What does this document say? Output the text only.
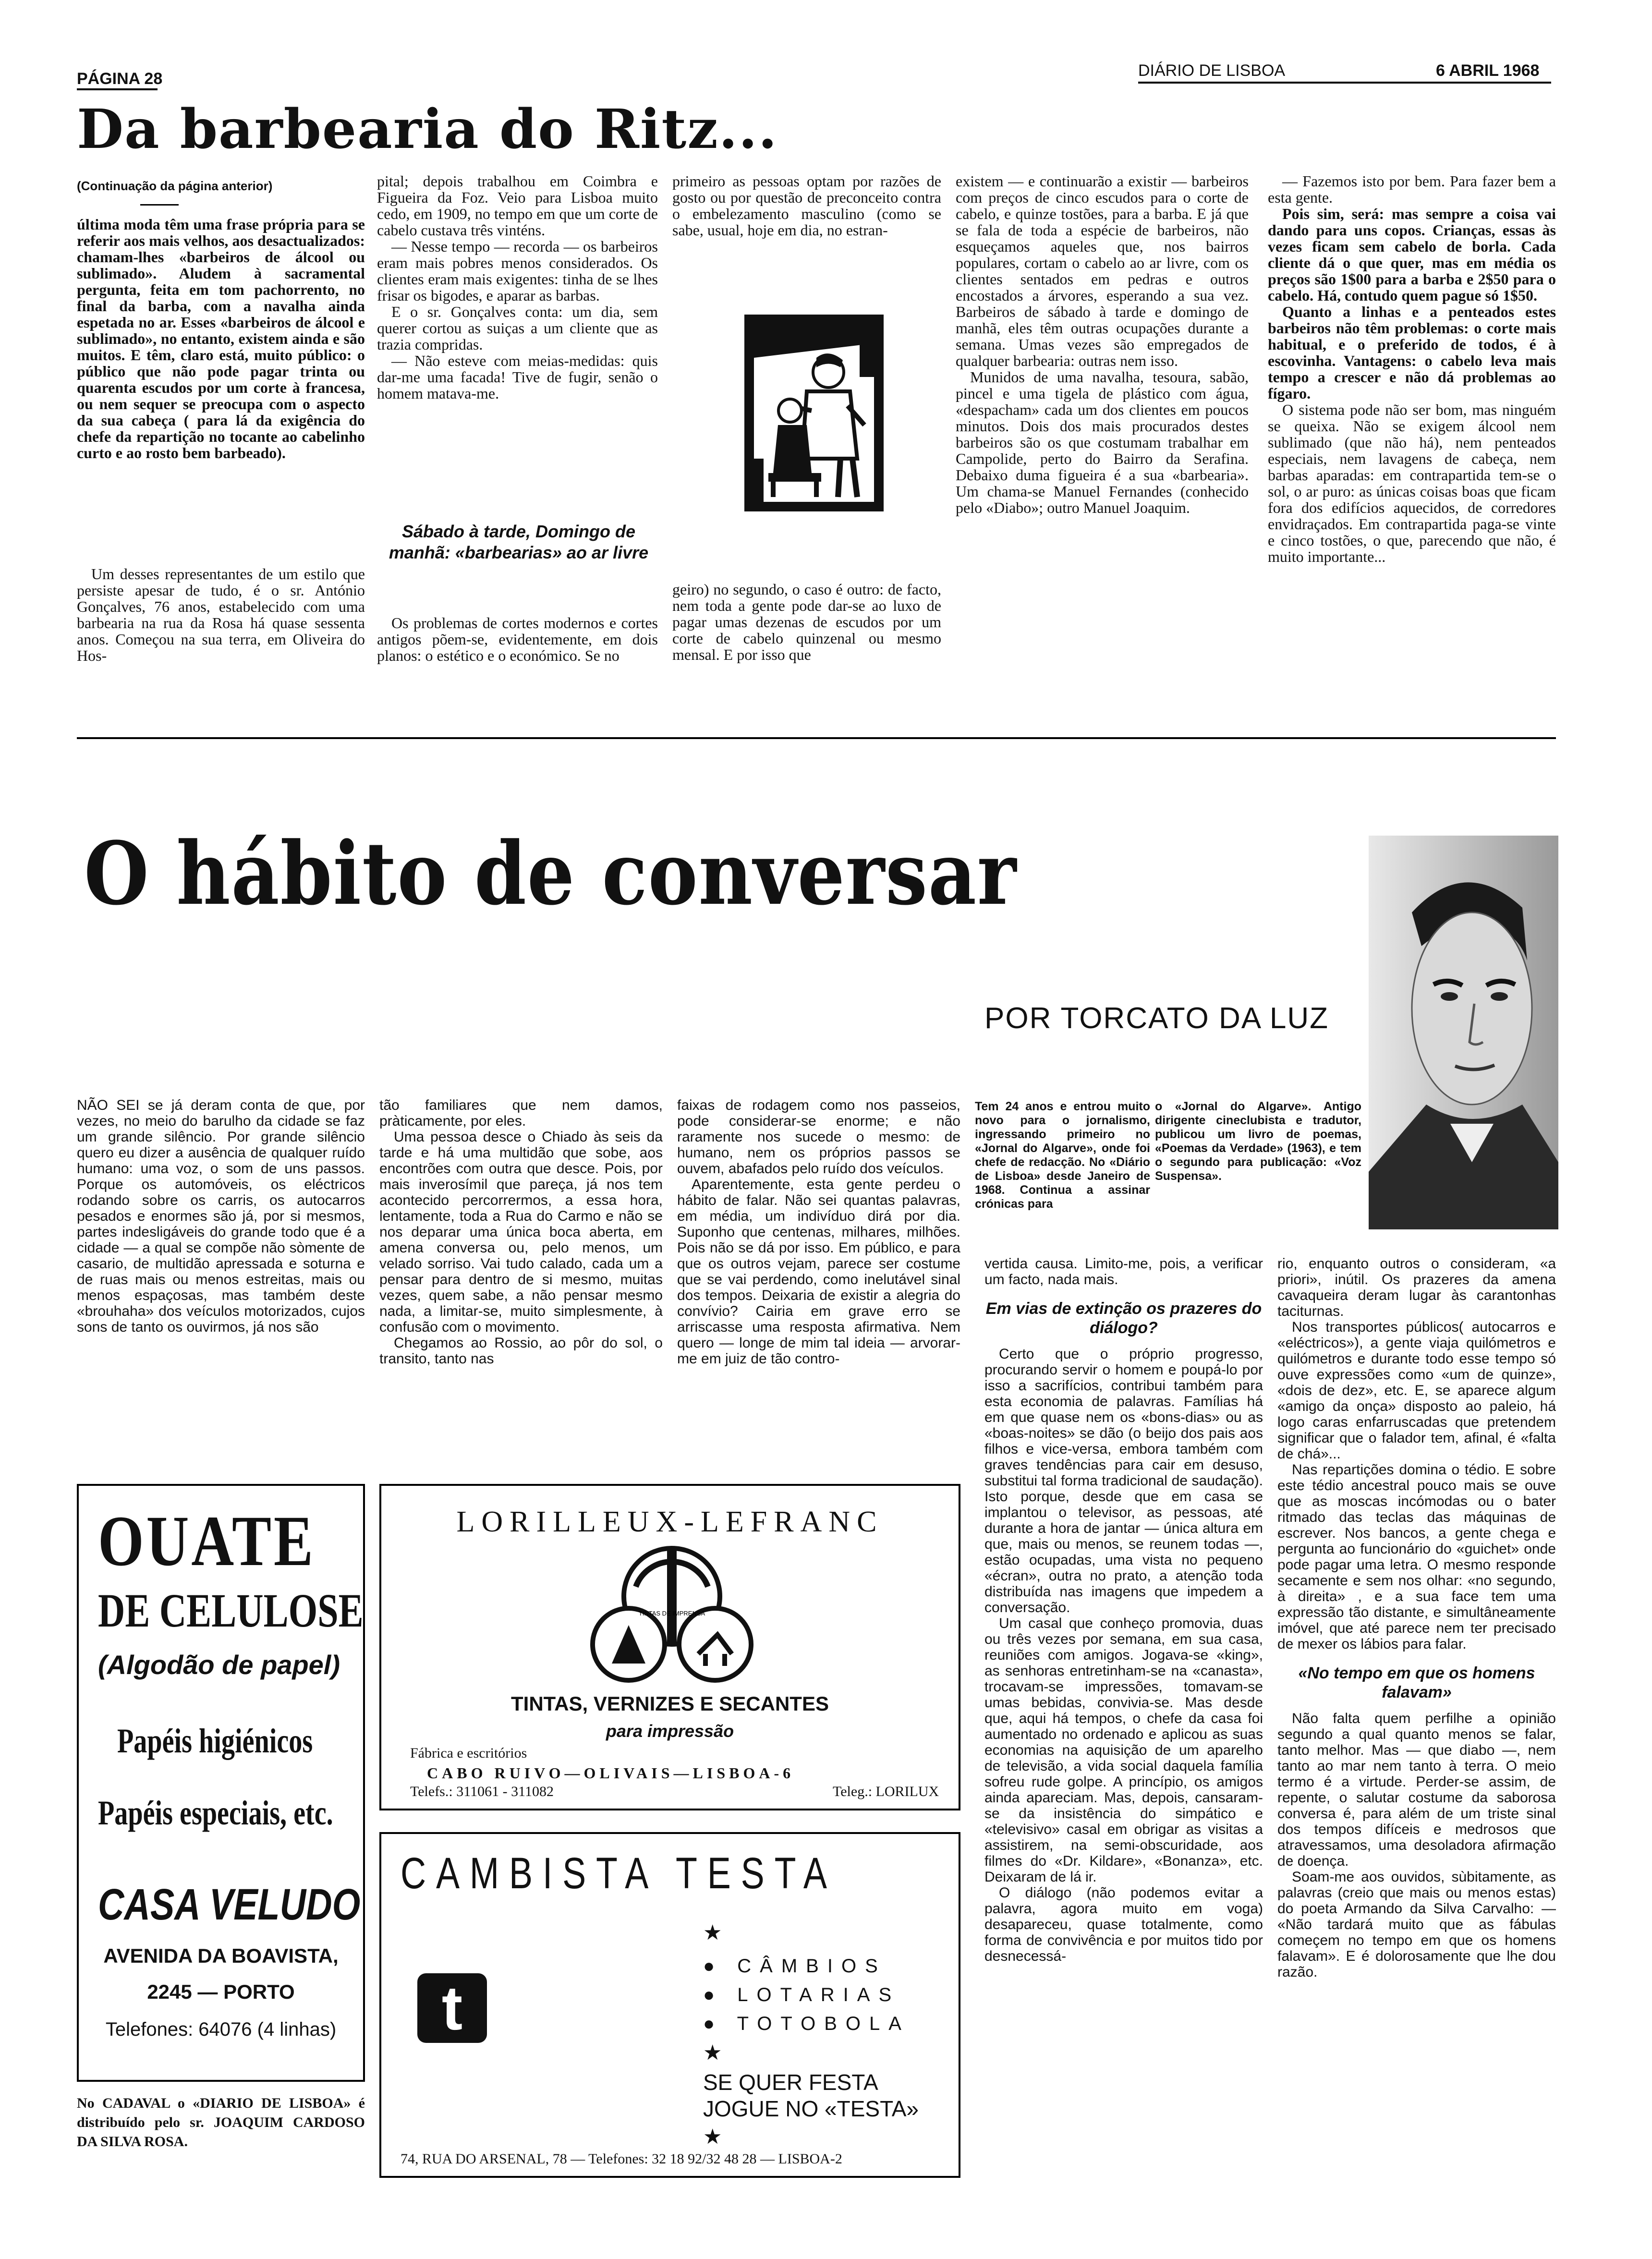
PÁGINA 28	DIÁRIO DE LISBOA	6 ABRIL 1968
Da barbearia do Ritz...
(Continuação da página anterior)

última moda têm uma frase própria para se referir aos mais velhos, aos desactualizados: chamam-lhes «barbeiros de álcool ou sublimado». Aludem à sacramental pergunta, feita em tom pachorrento, no final da barba, com a navalha ainda espetada no ar. Esses «barbeiros de álcool e sublimado», no entanto, existem ainda e são muitos. E têm, claro está, muito público: o público que não pode pagar trinta ou quarenta escudos por um corte à francesa, ou nem sequer se preocupa com o aspecto da sua cabeça ( para lá da exigência do chefe da repartição no tocante ao cabelinho curto e ao rosto bem barbeado).

Um desses representantes de um estilo que persiste apesar de tudo, é o sr. António Gonçalves, 76 anos, estabelecido com uma barbearia na rua da Rosa há quase sessenta anos. Começou na sua terra, em Oliveira do Hos-

pital; depois trabalhou em Coimbra e Figueira da Foz. Veio para Lisboa muito cedo, em 1909, no tempo em que um corte de cabelo custava três vinténs.

— Nesse tempo — recorda — os barbeiros eram mais pobres menos considerados. Os clientes eram mais exigentes: tinha de se lhes frisar os bigodes, e aparar as barbas.

E o sr. Gonçalves conta: um dia, sem querer cortou as suiças a um cliente que as trazia compridas.

— Não esteve com meias-medidas: quis dar-me uma facada! Tive de fugir, senão o homem matava-me.

Sábado à tarde, Domingo de manhã: «barbearias» ao ar livre

Os problemas de cortes modernos e cortes antigos põem-se, evidentemente, em dois planos: o estético e o económico. Se no

primeiro as pessoas optam por razões de gosto ou por questão de preconceito contra o embelezamento masculino (como se sabe, usual, hoje em dia, no estran-

geiro) no segundo, o caso é outro: de facto, nem toda a gente pode dar-se ao luxo de pagar umas dezenas de escudos por um corte de cabelo quinzenal ou mesmo mensal. E por isso que

existem — e continuarão a existir — barbeiros com preços de cinco escudos para o corte de cabelo, e quinze tostões, para a barba. E já que se fala de toda a espécie de barbeiros, não esqueçamos aqueles que, nos bairros populares, cortam o cabelo ao ar livre, com os clientes sentados em pedras e outros encostados a árvores, esperando a sua vez. Barbeiros de sábado à tarde e domingo de manhã, eles têm outras ocupações durante a semana. Umas vezes são empregados de qualquer barbearia: outras nem isso.

Munidos de uma navalha, tesoura, sabão, pincel e uma tigela de plástico com água, «despacham» cada um dos clientes em poucos minutos. Dois dos mais procurados destes barbeiros são os que costumam trabalhar em Campolide, perto do Bairro da Serafina. Debaixo duma figueira é a sua «barbearia». Um chama-se Manuel Fernandes (conhecido pelo «Diabo»; outro Manuel Joaquim.

— Fazemos isto por bem. Para fazer bem a esta gente.

Pois sim, será: mas sempre a coisa vai dando para uns copos. Crianças, essas às vezes ficam sem cabelo de borla. Cada cliente dá o que quer, mas em média os preços são 1$00 para a barba e 2$50 para o cabelo. Há, contudo quem pague só 1$50.

Quanto a linhas e a penteados estes barbeiros não têm problemas: o corte mais habitual, e o preferido de todos, é à escovinha. Vantagens: o cabelo leva mais tempo a crescer e não dá problemas ao fígaro.

O sistema pode não ser bom, mas ninguém se queixa. Não se exigem álcool nem sublimado (que não há), nem penteados especiais, nem lavagens de cabeça, nem barbas aparadas: em contrapartida tem-se o sol, o ar puro: as únicas coisas boas que ficam fora dos edifícios aquecidos, de corredores envidraçados. Em contrapartida paga-se vinte e cinco tostões, o que, parecendo que não, é muito importante...

O hábito de conversar
POR TORCATO DA LUZ

Tem 24 anos e entrou muito novo para o jornalismo, ingressando primeiro no «Jornal do Algarve», onde foi chefe de redacção. No «Diário de Lisboa» desde Janeiro de 1968. Continua a assinar crónicas para

o «Jornal do Algarve». Antigo dirigente cineclubista e tradutor, publicou um livro de poemas, «Poemas da Verdade» (1963), e tem o segundo para publicação: «Voz Suspensa».

NÃO SEI se já deram conta de que, por vezes, no meio do barulho da cidade se faz um grande silêncio. Por grande silêncio quero eu dizer a ausência de qualquer ruído humano: uma voz, o som de uns passos. Porque os automóveis, os eléctricos rodando sobre os carris, os autocarros pesados e enormes são já, por si mesmos, partes indesligáveis do grande todo que é a cidade — a qual se compõe não sòmente de casario, de multidão apressada e soturna e de ruas mais ou menos estreitas, mais ou menos espaçosas, mas também deste «brouhaha» dos veículos motorizados, cujos sons de tanto os ouvirmos, já nos são

tão familiares que nem damos, pràticamente, por eles.

Uma pessoa desce o Chiado às seis da tarde e há uma multidão que sobe, aos encontrões com outra que desce. Pois, por mais inverosímil que pareça, já nos tem acontecido percorrermos, a essa hora, lentamente, toda a Rua do Carmo e não se nos deparar uma única boca aberta, em amena conversa ou, pelo menos, um velado sorriso. Vai tudo calado, cada um a pensar para dentro de si mesmo, muitas vezes, quem sabe, a não pensar mesmo nada, a limitar-se, muito simplesmente, à confusão com o movimento.

Chegamos ao Rossio, ao pôr do sol, o transito, tanto nas

faixas de rodagem como nos passeios, pode considerar-se enorme; e não raramente nos sucede o mesmo: de humano, nem os próprios passos se ouvem, abafados pelo ruído dos veículos.

Aparentemente, esta gente perdeu o hábito de falar. Não sei quantas palavras, em média, um indivíduo dirá por dia. Suponho que centenas, milhares, milhões. Pois não se dá por isso. Em público, e para que os outros vejam, parece ser costume que se vai perdendo, como inelutável sinal dos tempos. Deixaria de existir a alegria do convívio? Cairia em grave erro se arriscasse uma resposta afirmativa. Nem quero — longe de mim tal ideia — arvorar-me em juiz de tão contro-

vertida causa. Limito-me, pois, a verificar um facto, nada mais.

Em vias de extinção os prazeres do diálogo?

Certo que o próprio progresso, procurando servir o homem e poupá-lo por isso a sacrifícios, contribui também para esta economia de palavras. Famílias há em que quase nem os «bons-dias» ou as «boas-noites» se dão (o beijo dos pais aos filhos e vice-versa, embora também com graves tendências para cair em desuso, substitui tal forma tradicional de saudação). Isto porque, desde que em casa se implantou o televisor, as pessoas, até durante a hora de jantar — única altura em que, mais ou menos, se reunem todas —, estão ocupadas, uma vista no pequeno «écran», outra no prato, a atenção toda distribuída nas imagens que impedem a conversação.

Um casal que conheço promovia, duas ou três vezes por semana, em sua casa, reuniões com amigos. Jogava-se «king», as senhoras entretinham-se na «canasta», trocavam-se impressões, tomavam-se umas bebidas, convivia-se. Mas desde que, aqui há tempos, o chefe da casa foi aumentado no ordenado e aplicou as suas economias na aquisição de um aparelho de televisão, a vida social daquela família sofreu rude golpe. A princípio, os amigos ainda apareciam. Mas, depois, cansaram-se da insistência do simpático e «televisivo» casal em obrigar as visitas a assistirem, na semi-obscuridade, aos filmes do «Dr. Kildare», «Bonanza», etc. Deixaram de lá ir.

O diálogo (não podemos evitar a palavra, agora muito em voga) desapareceu, quase totalmente, como forma de convivência e por muitos tido por desnecessá-

rio, enquanto outros o consideram, «a priori», inútil. Os prazeres da amena cavaqueira deram lugar às carantonhas taciturnas.

Nos transportes públicos( autocarros e «eléctricos»), a gente viaja quilómetros e quilómetros e durante todo esse tempo só ouve expressões como «um de quinze», «dois de dez», etc. E, se aparece algum «amigo da onça» disposto ao paleio, há logo caras enfarruscadas que pretendem significar que o falador tem, afinal, é «falta de chá»...

Nas repartições domina o tédio. E sobre este tédio ancestral pouco mais se ouve que as moscas incómodas ou o bater ritmado das teclas das máquinas de escrever. Nos bancos, a gente chega e pergunta ao funcionário do «guichet» onde pode pagar uma letra. O mesmo responde secamente e sem nos olhar: «no segundo, à direita» , e a sua face tem uma expressão tão distante, e simultâneamente imóvel, que até parece nem ter precisado de mexer os lábios para falar.

«No tempo em que os homens falavam»

Não falta quem perfilhe a opinião segundo a qual quanto menos se falar, tanto melhor. Mas — que diabo —, nem tanto ao mar nem tanto à terra. O meio termo é a virtude. Perder-se assim, de repente, o salutar costume da saborosa conversa é, para além de um triste sinal dos tempos difíceis e medrosos que atravessamos, uma desoladora afirmação de doença.

Soam-me aos ouvidos, sùbitamente, as palavras (creio que mais ou menos estas) do poeta Armando da Silva Carvalho: — «Não tardará muito que as fábulas começem no tempo em que os homens falavam». E é dolorosamente que lhe dou razão.

OUATE
DE CELULOSE
(Algodão de papel)
Papéis higiénicos
Papéis especiais, etc.
CASA VELUDO
AVENIDA DA BOAVISTA,
2245 — PORTO
Telefones: 64076 (4 linhas)

No CADAVAL o «DIARIO DE LISBOA» é distribuído pelo sr. JOAQUIM CARDOSO DA SILVA ROSA.

LORILLEUX-LEFRANC
TINTAS DE IMPRENSA
TINTAS, VERNIZES E SECANTES
para impressão
Fábrica e escritórios
CABO RUIVO—OLIVAIS—LISBOA-6
Telefs.: 311061 - 311082	Teleg.: LORILUX
CAMBISTA TESTA
t
★
● CÂMBIOS
● LOTARIAS
● TOTOBOLA
★
SE QUER FESTA
JOGUE NO «TESTA»
★
74, RUA DO ARSENAL, 78 — Telefones: 32 18 92/32 48 28 — LISBOA-2
